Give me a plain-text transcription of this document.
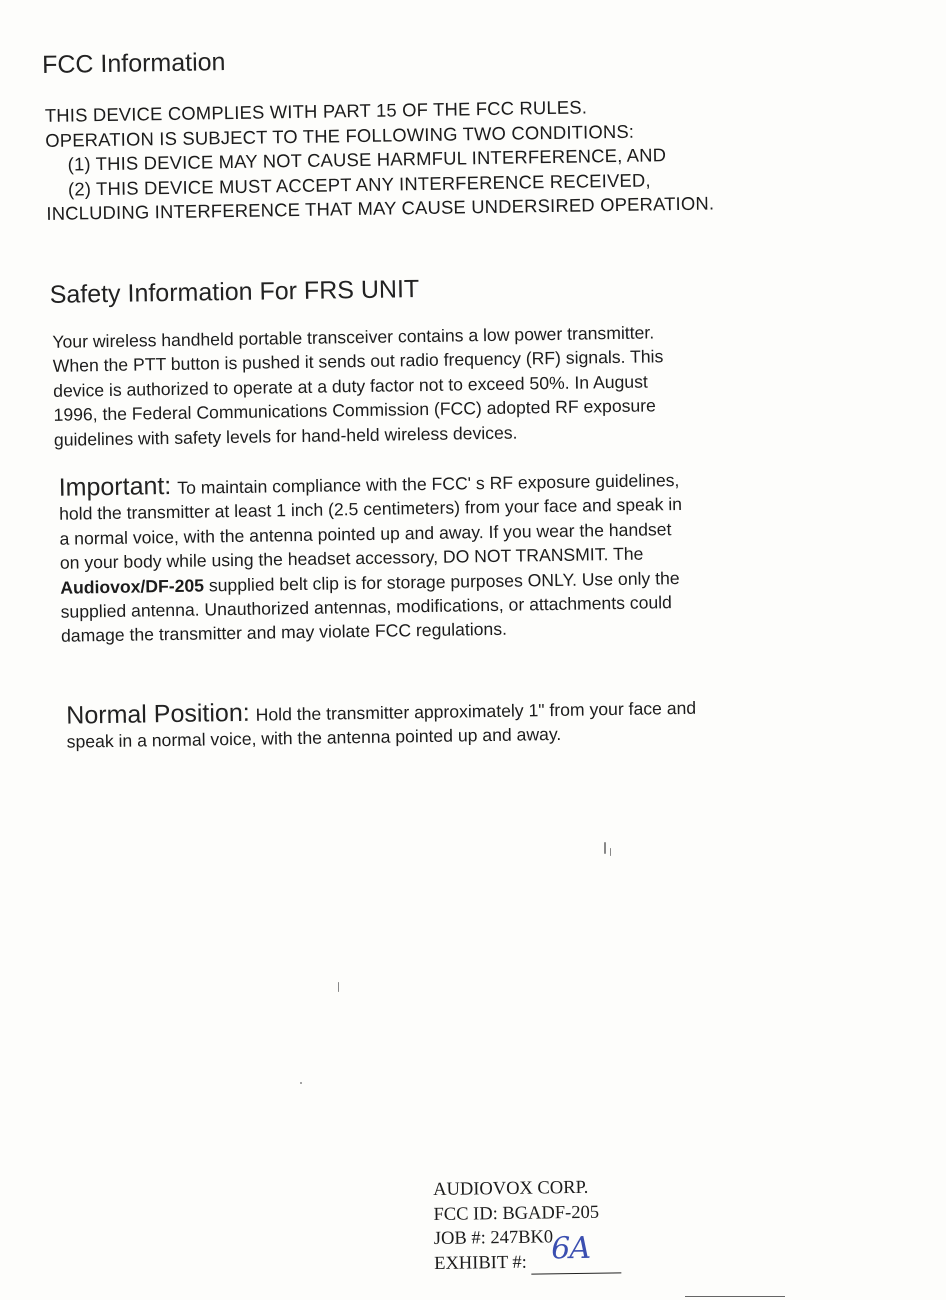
FCC Information
THIS DEVICE COMPLIES WITH PART 15 OF THE FCC RULES.
OPERATION IS SUBJECT TO THE FOLLOWING TWO CONDITIONS:
(1) THIS DEVICE MAY NOT CAUSE HARMFUL INTERFERENCE, AND
(2) THIS DEVICE MUST ACCEPT ANY INTERFERENCE RECEIVED,
INCLUDING INTERFERENCE THAT MAY CAUSE UNDERSIRED OPERATION.
Safety Information For FRS UNIT
Your wireless handheld portable transceiver contains a low power transmitter.
When the PTT button is pushed it sends out radio frequency (RF) signals. This
device is authorized to operate at a duty factor not to exceed 50%. In August
1996, the Federal Communications Commission (FCC) adopted RF exposure
guidelines with safety levels for hand-held wireless devices.
Important: To maintain compliance with the FCC' s RF exposure guidelines,
hold the transmitter at least 1 inch (2.5 centimeters) from your face and speak in
a normal voice, with the antenna pointed up and away. If you wear the handset
on your body while using the headset accessory, DO NOT TRANSMIT. The
Audiovox/DF-205 supplied belt clip is for storage purposes ONLY. Use only the
supplied antenna. Unauthorized antennas, modifications, or attachments could
damage the transmitter and may violate FCC regulations.
Normal Position: Hold the transmitter approximately 1" from your face and
speak in a normal voice, with the antenna pointed up and away.
AUDIOVOX CORP.
FCC ID: BGADF-205
JOB #: 247BK0
EXHIBIT #: 6A
